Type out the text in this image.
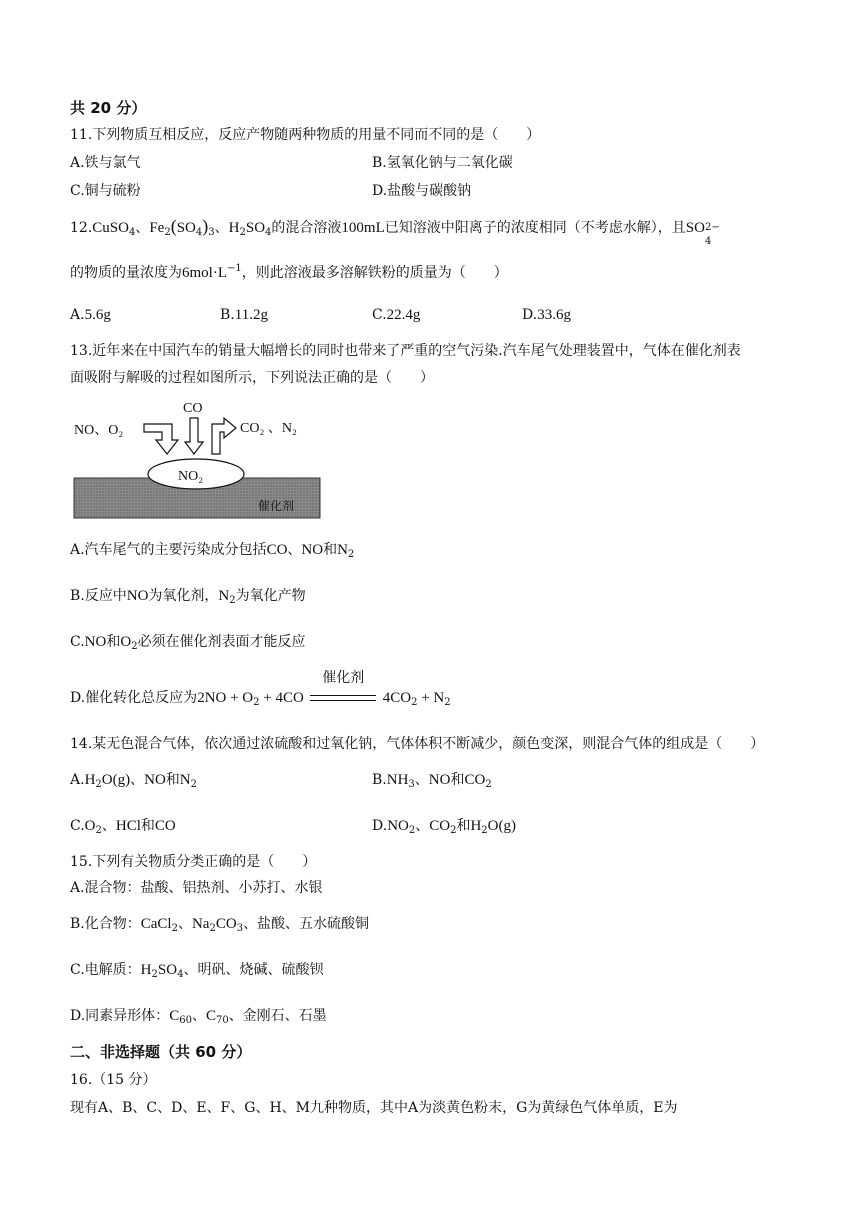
共 20 分）
11.下列物质互相反应，反应产物随两种物质的用量不同而不同的是（　　）
A.铁与氯气	B.氢氧化钠与二氧化碳
C.铜与硫粉	D.盐酸与碳酸钠
12.CuSO$_4$、$Fe_2(SO_4)_3$、$H_2SO_4$的混合溶液100mL已知溶液中阳离子的浓度相同（不考虑水解），且SO 2−
4
的物质的量浓度为$6mol\cdot L^{-1}$，则此溶液最多溶解铁粉的质量为（　　）
A.5.6g	B.11.2g	C.22.4g	D.33.6g
13.近年来在中国汽车的销量大幅增长的同时也带来了严重的空气污染.汽车尾气处理装置中，气体在催化剂表
面吸附与解吸的过程如图所示，下列说法正确的是（　　）
催化剂
NO₂
NO、O₂
CO
CO₂ 、N₂
A.汽车尾气的主要污染成分包括CO、NO和$N_2$
B.反应中NO为氧化剂，$N_2$为氧化产物
C.NO和$O_2$必须在催化剂表面才能反应
D.催化转化总反应为$2NO + O_2 + 4CO$
催化剂
$4CO_2 + N_2$
14.某无色混合气体，依次通过浓硫酸和过氧化钠，气体体积不断减少，颜色变深，则混合气体的组成是（　　）
$A.H_2O(g)$、NO和$N_2$	$B.NH_3$、NO和$CO_2$
$C.O_2$、HCl和CO	$D.NO_2$、$CO_2$和$H_2O(g)$
15.下列有关物质分类正确的是（　　）
A.混合物：盐酸、铝热剂、小苏打、水银
B.化合物：CaCl$_2$、$Na_2CO_3$、盐酸、五水硫酸铜
C.电解质：$H_2SO_4$、明矾、烧碱、硫酸钡
D.同素异形体：$C_{60}$、$C_{70}$、金刚石、石墨
二、非选择题（共 60 分）
16.（15 分）
现有A、B、C、D、E、F、G、H、M九种物质，其中A为淡黄色粉末，G为黄绿色气体单质，E为
